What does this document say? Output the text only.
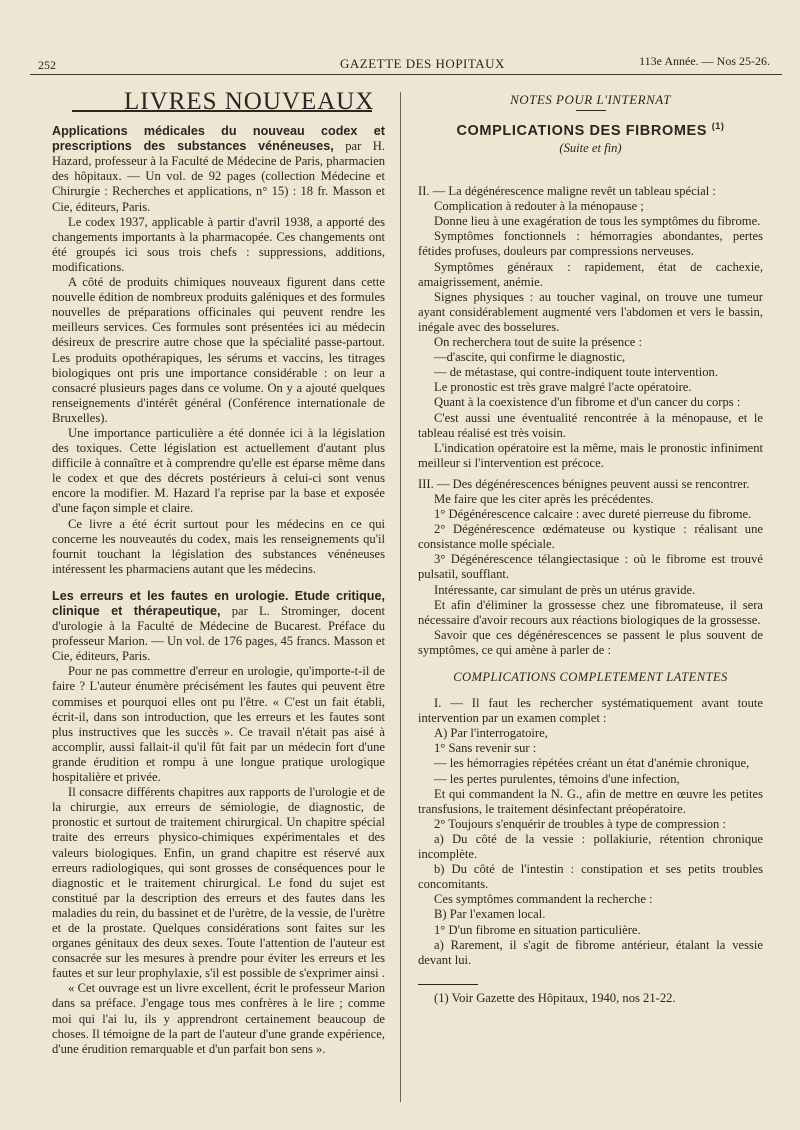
252	GAZETTE DES HOPITAUX	113e Année. — Nos 25-26.
LIVRES NOUVEAUX

Applications médicales du nouveau codex et prescriptions des substances vénéneuses, par H. Hazard, professeur à la Faculté de Médecine de Paris, pharmacien des hôpitaux. — Un vol. de 92 pages (collection Médecine et Chirurgie : Recherches et applications, n° 15) : 18 fr. Masson et Cie, éditeurs, Paris.

Le codex 1937, applicable à partir d'avril 1938, a apporté des changements importants à la pharmacopée. Ces changements ont été groupés ici sous trois chefs : suppressions, additions, modifications.

A côté de produits chimiques nouveaux figurent dans cette nouvelle édition de nombreux produits galéniques et des formules nouvelles de préparations officinales qui peuvent rendre les meilleurs services. Ces formules sont présentées ici au médecin désireux de prescrire autre chose que la spécialité passe-partout. Les produits opothérapiques, les sérums et vaccins, les titrages biologiques ont pris une importance considérable : on leur a consacré plusieurs pages dans ce volume. On y a ajouté quelques renseignements d'intérêt général (Conférence internationale de Bruxelles).

Une importance particulière a été donnée ici à la législation des toxiques. Cette législation est actuellement d'autant plus difficile à connaître et à comprendre qu'elle est éparse même dans le codex et que des décrets postérieurs à celui-ci sont venus encore la modifier. M. Hazard l'a reprise par la base et exposée d'une façon simple et claire.

Ce livre a été écrit surtout pour les médecins en ce qui concerne les nouveautés du codex, mais les renseignements qu'il fournit touchant la législation des substances vénéneuses intéressent les pharmaciens autant que les médecins.

Les erreurs et les fautes en urologie. Etude critique, clinique et thérapeutique, par L. Strominger, docent d'urologie à la Faculté de Médecine de Bucarest. Préface du professeur Marion. — Un vol. de 176 pages, 45 francs. Masson et Cie, éditeurs, Paris.

Pour ne pas commettre d'erreur en urologie, qu'importe-t-il de faire ? L'auteur énumère précisément les fautes qui peuvent être commises et pourquoi elles ont pu l'être. « C'est un fait établi, écrit-il, dans son introduction, que les erreurs et les fautes sont plus instructives que les succès ». Ce travail n'était pas aisé à accomplir, aussi fallait-il qu'il fût fait par un médecin fort d'une grande érudition et rompu à une longue pratique urologique hospitalière et privée.

Il consacre différents chapitres aux rapports de l'urologie et de la chirurgie, aux erreurs de sémiologie, de diagnostic, de pronostic et surtout de traitement chirurgical. Un chapitre spécial traite des erreurs physico-chimiques expérimentales et des valeurs biologiques. Enfin, un grand chapitre est réservé aux erreurs radiologiques, qui sont grosses de conséquences pour le diagnostic et le traitement chirurgical. Le fond du sujet est constitué par la description des erreurs et des fautes dans les maladies du rein, du bassinet et de l'urètre, de la vessie, de l'urètre et de la prostate. Quelques considérations sont faites sur les organes génitaux des deux sexes. Toute l'attention de l'auteur est consacrée sur les mesures à prendre pour éviter les erreurs et les fautes et sur leur prophylaxie, s'il est possible de s'exprimer ainsi .

« Cet ouvrage est un livre excellent, écrit le professeur Marion dans sa préface. J'engage tous mes confrères à le lire ; comme moi qui l'ai lu, ils y apprendront certainement beaucoup de choses. Il témoigne de la part de l'auteur d'une grande expérience, d'une érudition remarquable et d'un parfait bon sens ».

NOTES POUR L'INTERNAT
COMPLICATIONS DES FIBROMES $^{(1)}$
(Suite et fin)

II. — La dégénérescence maligne revêt un tableau spécial :

Complication à redouter à la ménopause ;

Donne lieu à une exagération de tous les symptômes du fibrome.

Symptômes fonctionnels : hémorragies abondantes, pertes fétides profuses, douleurs par compressions nerveuses.

Symptômes généraux : rapidement, état de cachexie, amaigrissement, anémie.

Signes physiques : au toucher vaginal, on trouve une tumeur ayant considérablement augmenté vers l'abdomen et vers le bassin, inégale avec des bosselures.

On recherchera tout de suite la présence :

—d'ascite, qui confirme le diagnostic,

— de métastase, qui contre-indiquent toute intervention.

Le pronostic est très grave malgré l'acte opératoire.

Quant à la coexistence d'un fibrome et d'un cancer du corps :

C'est aussi une éventualité rencontrée à la ménopause, et le tableau réalisé est très voisin.

L'indication opératoire est la même, mais le pronostic infiniment meilleur si l'intervention est précoce.

III. — Des dégénérescences bénignes peuvent aussi se rencontrer.

Me faire que les citer après les précédentes.

1° Dégénérescence calcaire : avec dureté pierreuse du fibrome.

2° Dégénérescence œdémateuse ou kystique : réalisant une consistance molle spéciale.

3° Dégénérescence télangiectasique : où le fibrome est trouvé pulsatil, soufflant.

Intéressante, car simulant de près un utérus gravide.

Et afin d'éliminer la grossesse chez une fibromateuse, il sera nécessaire d'avoir recours aux réactions biologiques de la grossesse.

Savoir que ces dégénérescences se passent le plus souvent de symptômes, ce qui amène à parler de :

COMPLICATIONS COMPLETEMENT LATENTES

I. — Il faut les rechercher systématiquement avant toute intervention par un examen complet :

A) Par l'interrogatoire,

1° Sans revenir sur :

— les hémorragies répétées créant un état d'anémie chronique,

— les pertes purulentes, témoins d'une infection,

Et qui commandent la N. G., afin de mettre en œuvre les petites transfusions, le traitement désinfectant préopératoire.

2° Toujours s'enquérir de troubles à type de compression :

a) Du côté de la vessie : pollakiurie, rétention chronique incomplète.

b) Du côté de l'intestin : constipation et ses petits troubles concomitants.

Ces symptômes commandent la recherche :

B) Par l'examen local.

1° D'un fibrome en situation particulière.

a) Rarement, il s'agit de fibrome antérieur, étalant la vessie devant lui.

(1) Voir Gazette des Hôpitaux, 1940, nos 21-22.
